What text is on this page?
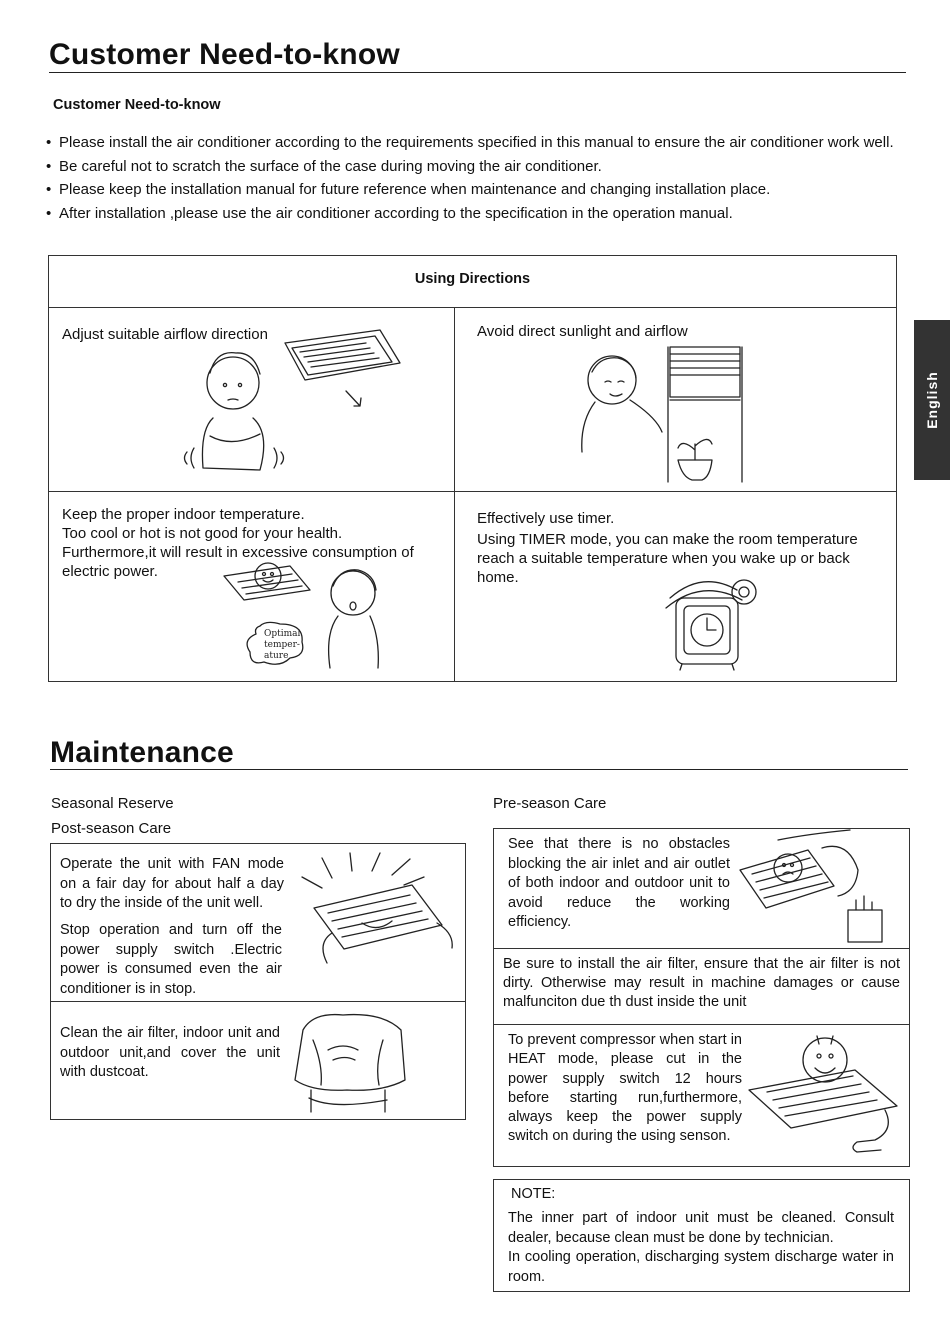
English
Customer Need-to-know
Customer Need-to-know
• Please install the air conditioner according to the requirements specified in this manual to ensure the air conditioner work well.
• Be careful not to scratch the surface of the case during moving the air conditioner.
• Please keep the installation manual for future reference when maintenance and changing installation place.
• After installation ,please use the air conditioner according to the specification in the operation manual.
Using Directions
Adjust suitable airflow direction	Avoid direct sunlight and airflow
Keep the proper indoor temperature.
Too cool or hot is not good for your health.
Furthermore,it will result in excessive consumption of electric power.
Optimal
temper-
ature
Effectively use timer.
Using TIMER mode, you can make the room temperature reach a suitable temperature when you wake up or back home.
Maintenance
Seasonal Reserve
Post-season Care
Pre-season Care
Operate the unit with FAN mode on a fair day for about half a day to dry the inside of the unit well.
Stop operation and turn off the power supply switch .Electric power is consumed even the air conditioner is in stop.
Clean the air filter, indoor unit and outdoor unit,and cover the unit with dustcoat.
See that there is no obstacles blocking the air inlet and air outlet of both indoor and outdoor unit to avoid reduce the working efficiency.
Be sure to install the air filter, ensure that the air filter is not dirty. Otherwise may result in machine damages or cause malfunciton due th dust inside the unit
To prevent compressor when start in HEAT mode, please cut in the power supply switch 12 hours before starting run,furthermore, always keep the power supply switch on during the using senson.
NOTE:
The inner part of indoor unit must be cleaned. Consult dealer, because clean must be done by technician.
In cooling operation, discharging system discharge water in room.
